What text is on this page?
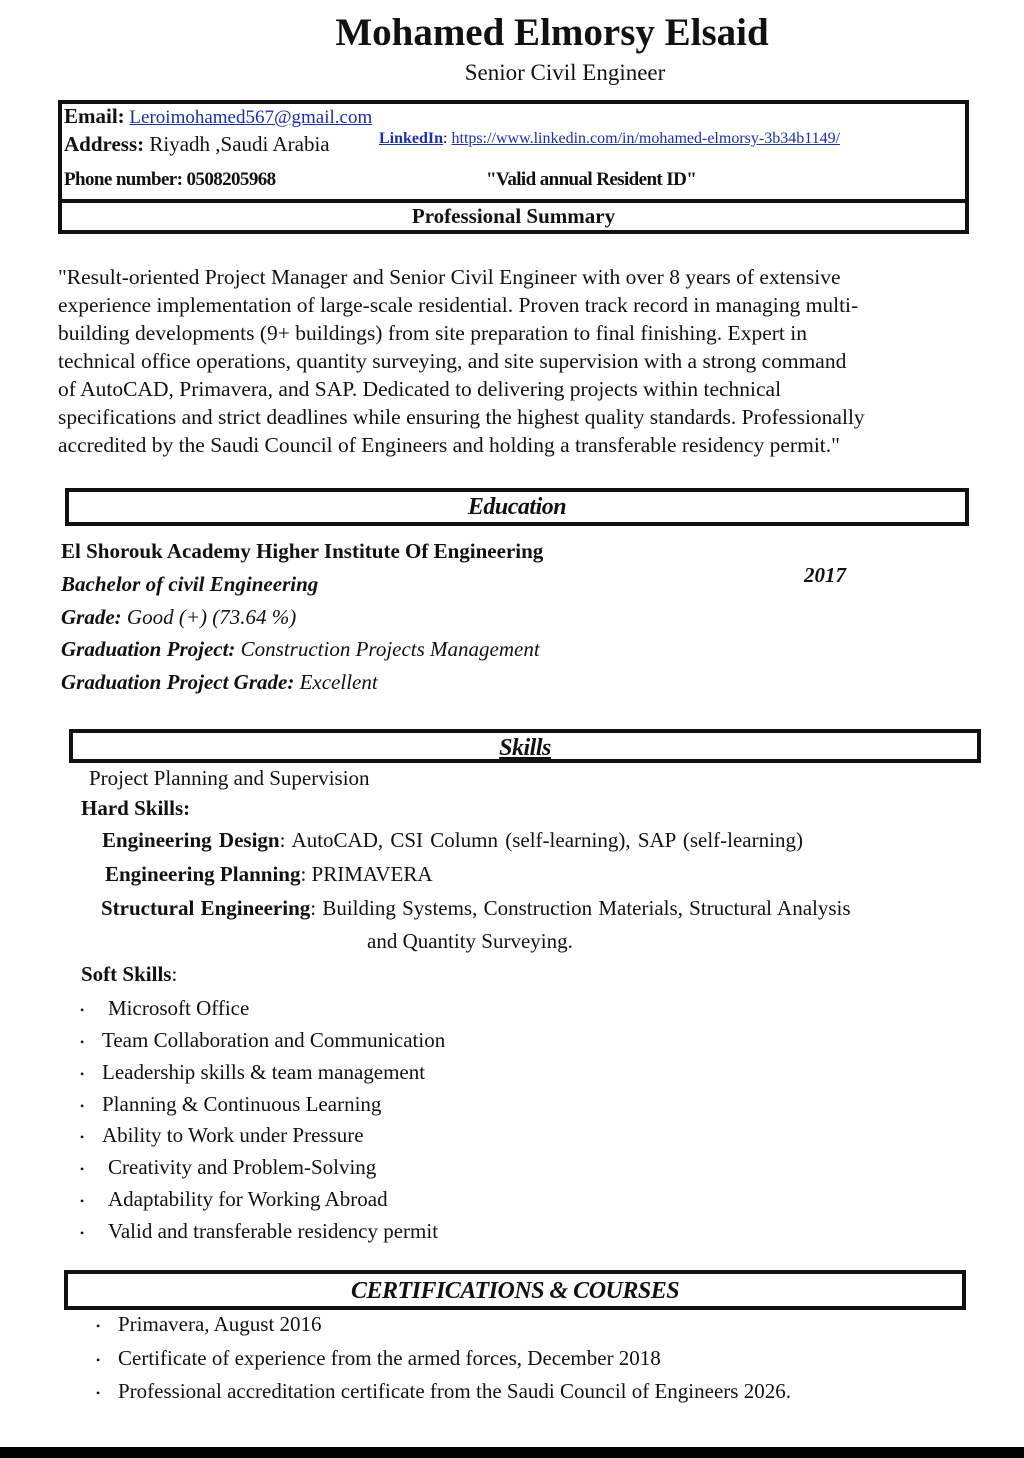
Mohamed Elmorsy Elsaid
Senior Civil Engineer
Email: Leroimohamed567@gmail.com
Address: Riyadh ,Saudi Arabia	LinkedIn: https://www.linkedin.com/in/mohamed-elmorsy-3b34b1149/
Phone number: 0508205968	"Valid annual Resident ID"
Professional Summary
"Result-oriented Project Manager and Senior Civil Engineer with over 8 years of extensive
experience implementation of large-scale residential. Proven track record in managing multi-
building developments (9+ buildings) from site preparation to final finishing. Expert in
technical office operations, quantity surveying, and site supervision with a strong command
of AutoCAD, Primavera, and SAP. Dedicated to delivering projects within technical
specifications and strict deadlines while ensuring the highest quality standards. Professionally
accredited by the Saudi Council of Engineers and holding a transferable residency permit."
Education
El Shorouk Academy Higher Institute Of Engineering
Bachelor of civil Engineering	2017
Grade: Good (+) (73.64 %)
Graduation Project: Construction Projects Management
Graduation Project Grade: Excellent
Skills
Project Planning and Supervision
Hard Skills:
Engineering Design: AutoCAD, CSI Column (self-learning), SAP (self-learning)
Engineering Planning: PRIMAVERA
Structural Engineering: Building Systems, Construction Materials, Structural Analysis
and Quantity Surveying.
Soft Skills:
• Microsoft Office
• Team Collaboration and Communication
• Leadership skills & team management
• Planning & Continuous Learning
• Ability to Work under Pressure
• Creativity and Problem-Solving
• Adaptability for Working Abroad
• Valid and transferable residency permit
CERTIFICATIONS & COURSES
• Primavera, August 2016
• Certificate of experience from the armed forces, December 2018
• Professional accreditation certificate from the Saudi Council of Engineers 2026.
